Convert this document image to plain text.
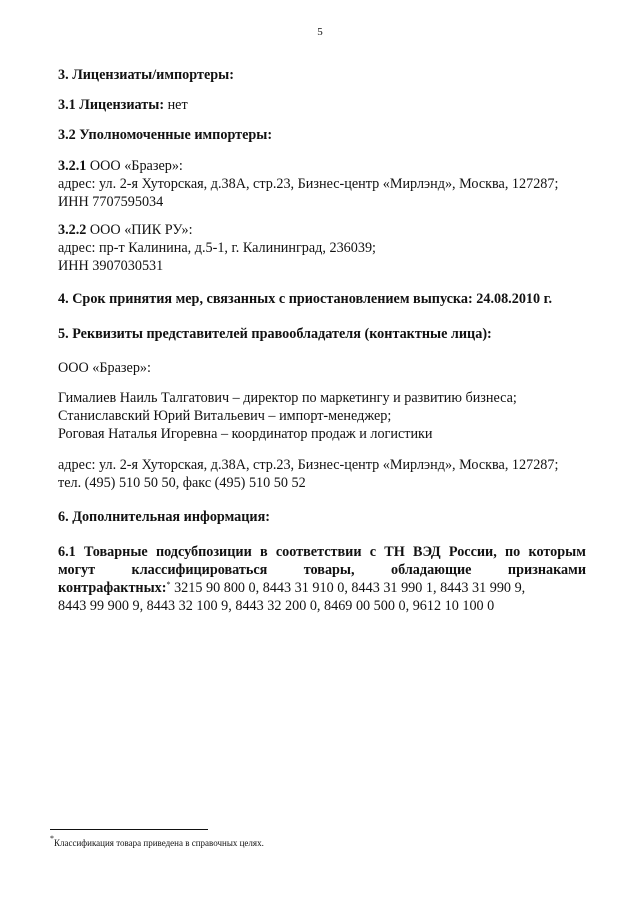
5
3. Лицензиаты/импортеры:
3.1 Лицензиаты: нет
3.2 Уполномоченные импортеры:
3.2.1 ООО «Бразер»:
адрес: ул. 2-я Хуторская, д.38А, стр.23, Бизнес-центр «Мирлэнд», Москва, 127287;
ИНН 7707595034
3.2.2 ООО «ПИК РУ»:
адрес: пр-т Калинина, д.5-1, г. Калининград, 236039;
ИНН 3907030531
4. Срок принятия мер, связанных с приостановлением выпуска: 24.08.2010 г.
5. Реквизиты представителей правообладателя (контактные лица):
ООО «Бразер»:
Гималиев Наиль Талгатович – директор по маркетингу и развитию бизнеса;
Станиславский Юрий Витальевич – импорт-менеджер;
Роговая Наталья Игоревна – координатор продаж и логистики
адрес: ул. 2-я Хуторская, д.38А, стр.23, Бизнес-центр «Мирлэнд», Москва, 127287;
тел. (495) 510 50 50, факс (495) 510 50 52
6. Дополнительная информация:
6.1 Товарные подсубпозиции в соответствии с ТН ВЭД России, по которым
могут	классифицироваться	товары,	обладающие	признаками
контрафактных:* 3215 90 800 0, 8443 31 910 0, 8443 31 990 1, 8443 31 990 9,
8443 99 900 9, 8443 32 100 9, 8443 32 200 0, 8469 00 500 0, 9612 10 100 0
*Классификация товара приведена в справочных целях.
